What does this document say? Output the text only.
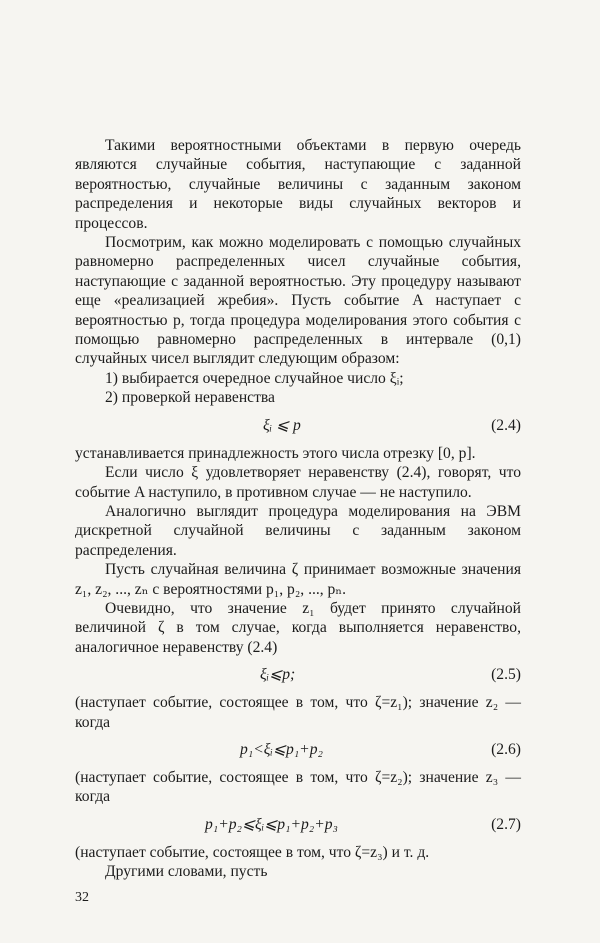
Такими вероятностными объектами в первую очередь являются случайные события, наступающие с заданной вероятностью, случайные величины с заданным законом распределения и некоторые виды случайных векторов и процессов.

Посмотрим, как можно моделировать с помощью случайных равномерно распределенных чисел случайные события, наступающие с заданной вероятностью. Эту процедуру называют еще «реализацией жребия». Пусть событие A наступает с вероятностью p, тогда процедура моделирования этого события с помощью равномерно распределенных в интервале (0,1) случайных чисел выглядит следующим образом:

1) выбирается очередное случайное число ξᵢ;

2) проверкой неравенства

ξᵢ ⩽ p	(2.4)

устанавливается принадлежность этого числа отрезку [0, p].

Если число ξ удовлетворяет неравенству (2.4), говорят, что событие A наступило, в противном случае — не наступило.

Аналогично выглядит процедура моделирования на ЭВМ дискретной случайной величины с заданным законом распределения.

Пусть случайная величина ζ принимает возможные значения z₁, z₂, ..., zₙ с вероятностями p₁, p₂, ..., pₙ.

Очевидно, что значение z₁ будет принято случайной величиной ζ в том случае, когда выполняется неравенство, аналогичное неравенству (2.4)

ξᵢ⩽p;	(2.5)

(наступает событие, состоящее в том, что ζ=z₁); значение z₂ — когда

p₁<ξᵢ⩽p₁+p₂	(2.6)

(наступает событие, состоящее в том, что ζ=z₂); значение z₃ — когда

p₁+p₂⩽ξᵢ⩽p₁+p₂+p₃	(2.7)

(наступает событие, состоящее в том, что ζ=z₃) и т. д.

Другими словами, пусть

32
